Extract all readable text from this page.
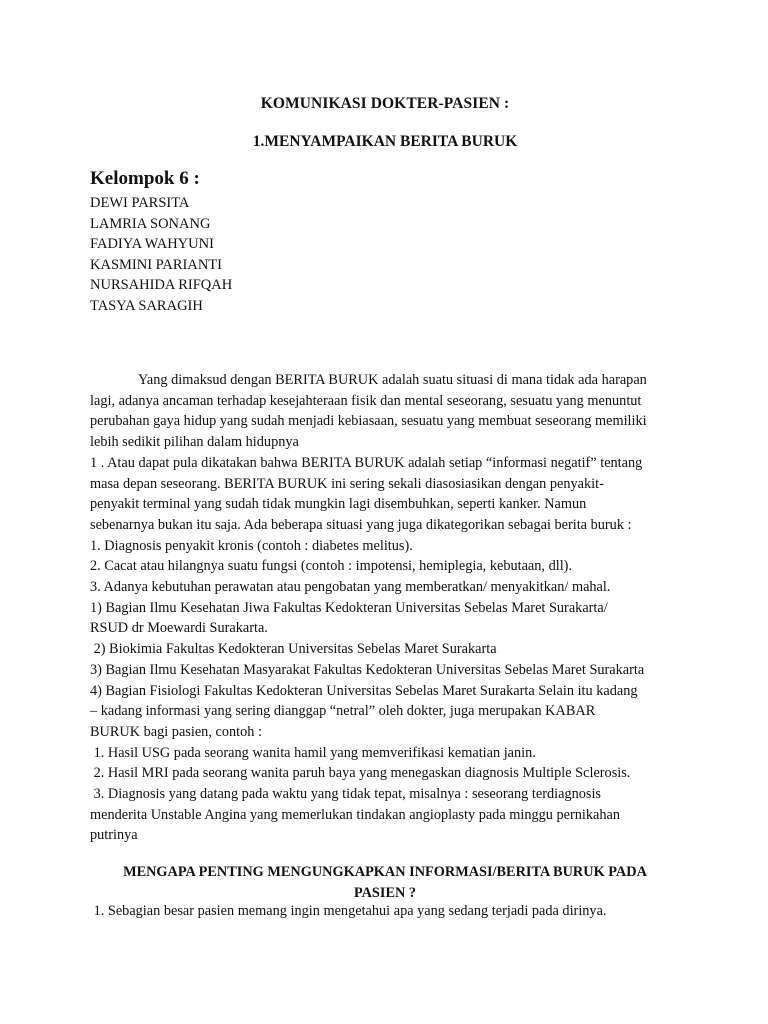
KOMUNIKASI DOKTER-PASIEN :
1.MENYAMPAIKAN BERITA BURUK
Kelompok 6 :
DEWI PARSITA
LAMRIA SONANG
FADIYA WAHYUNI
KASMINI PARIANTI
NURSAHIDA RIFQAH
TASYA SARAGIH
Yang dimaksud dengan BERITA BURUK adalah suatu situasi di mana tidak ada harapan
lagi, adanya ancaman terhadap kesejahteraan fisik dan mental seseorang, sesuatu yang menuntut
perubahan gaya hidup yang sudah menjadi kebiasaan, sesuatu yang membuat seseorang memiliki
lebih sedikit pilihan dalam hidupnya
1 . Atau dapat pula dikatakan bahwa BERITA BURUK adalah setiap “informasi negatif” tentang
masa depan seseorang. BERITA BURUK ini sering sekali diasosiasikan dengan penyakit-
penyakit terminal yang sudah tidak mungkin lagi disembuhkan, seperti kanker. Namun
sebenarnya bukan itu saja. Ada beberapa situasi yang juga dikategorikan sebagai berita buruk :
1. Diagnosis penyakit kronis (contoh : diabetes melitus).
2. Cacat atau hilangnya suatu fungsi (contoh : impotensi, hemiplegia, kebutaan, dll).
3. Adanya kebutuhan perawatan atau pengobatan yang memberatkan/ menyakitkan/ mahal.
1) Bagian Ilmu Kesehatan Jiwa Fakultas Kedokteran Universitas Sebelas Maret Surakarta/
RSUD dr Moewardi Surakarta.
2) Biokimia Fakultas Kedokteran Universitas Sebelas Maret Surakarta
3) Bagian Ilmu Kesehatan Masyarakat Fakultas Kedokteran Universitas Sebelas Maret Surakarta
4) Bagian Fisiologi Fakultas Kedokteran Universitas Sebelas Maret Surakarta Selain itu kadang
– kadang informasi yang sering dianggap “netral” oleh dokter, juga merupakan KABAR
BURUK bagi pasien, contoh :
1. Hasil USG pada seorang wanita hamil yang memverifikasi kematian janin.
2. Hasil MRI pada seorang wanita paruh baya yang menegaskan diagnosis Multiple Sclerosis.
3. Diagnosis yang datang pada waktu yang tidak tepat, misalnya : seseorang terdiagnosis
menderita Unstable Angina yang memerlukan tindakan angioplasty pada minggu pernikahan
putrinya
MENGAPA PENTING MENGUNGKAPKAN INFORMASI/BERITA BURUK PADA
PASIEN ?
1. Sebagian besar pasien memang ingin mengetahui apa yang sedang terjadi pada dirinya.
